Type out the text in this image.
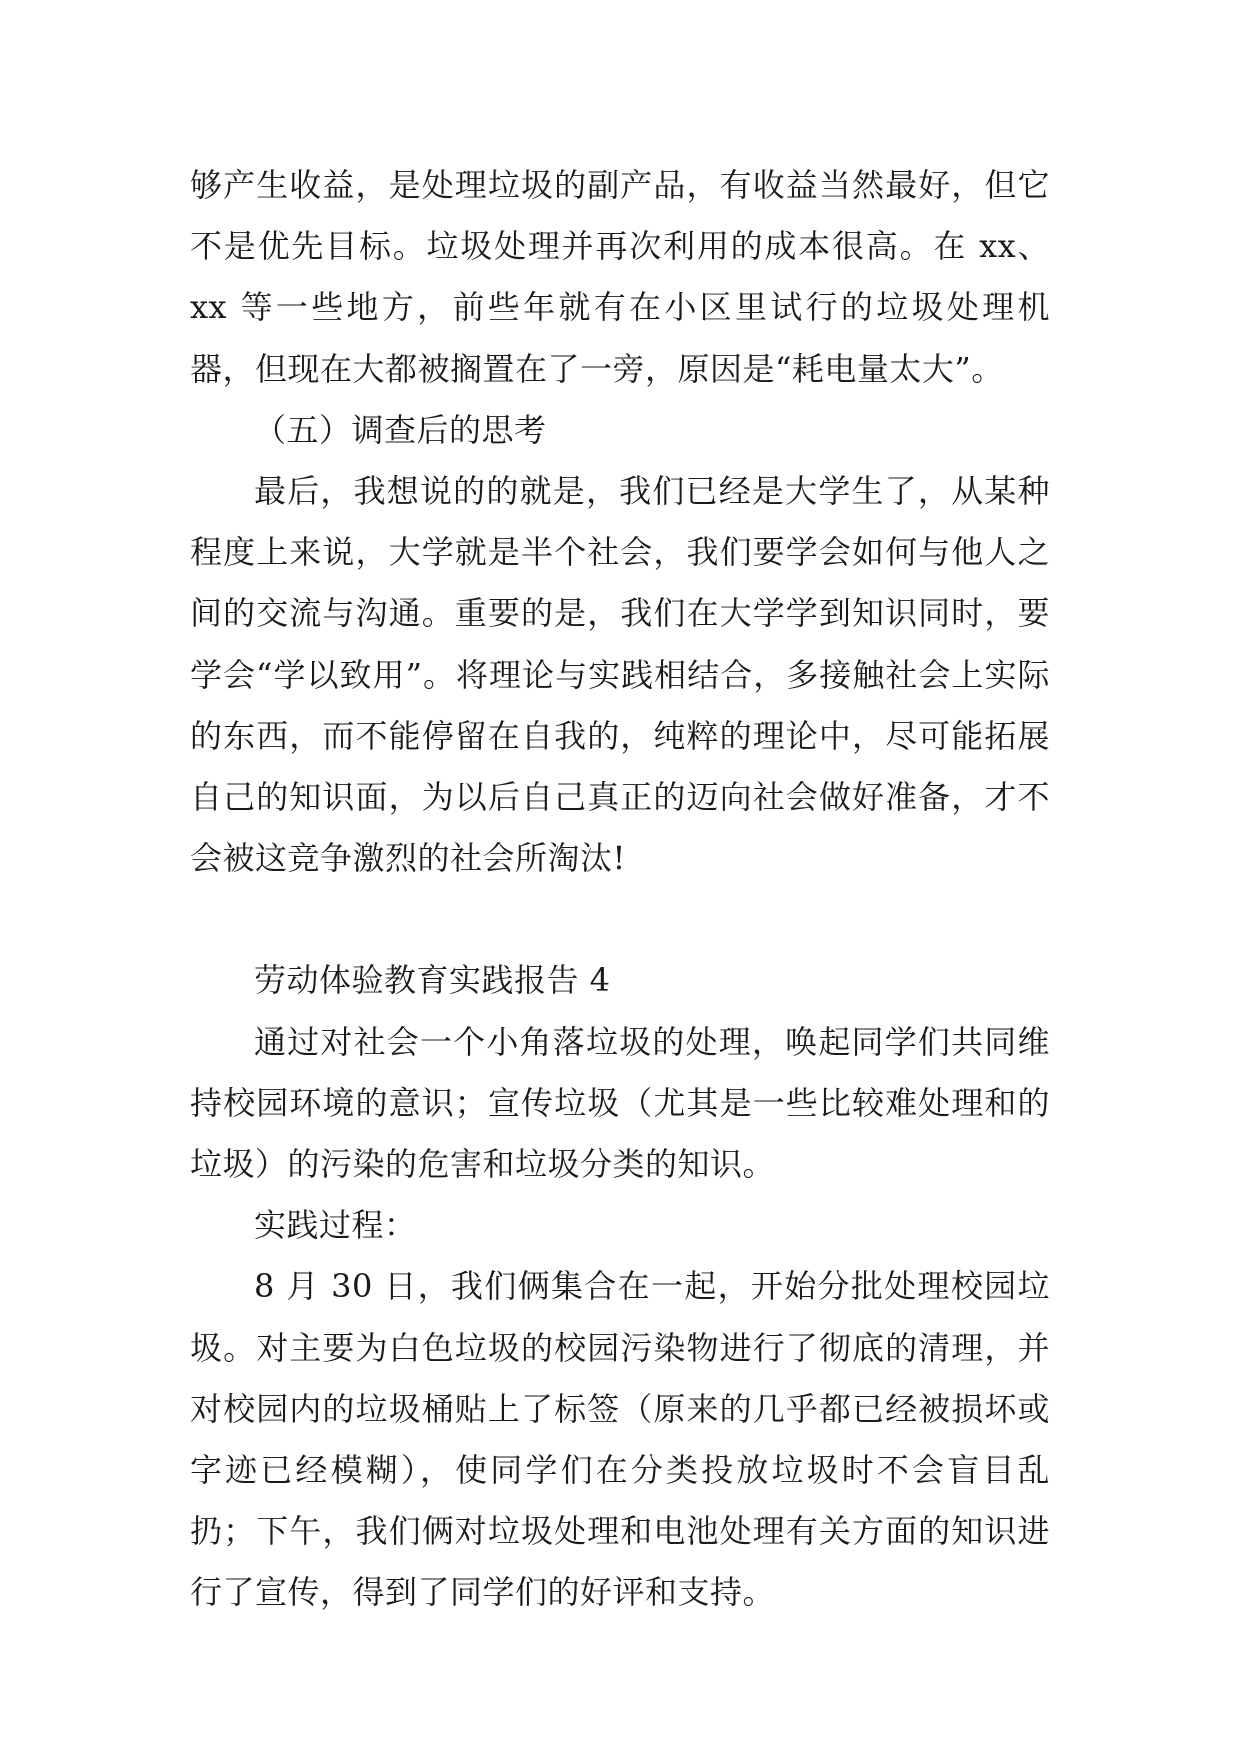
够产生收益，是处理垃圾的副产品，有收益当然最好，但它不是优先目标。垃圾处理并再次利用的成本很高。在 xx、xx 等一些地方，前些年就有在小区里试行的垃圾处理机器，但现在大都被搁置在了一旁，原因是“耗电量太大”。

（五）调查后的思考

最后，我想说的的就是，我们已经是大学生了，从某种程度上来说，大学就是半个社会，我们要学会如何与他人之间的交流与沟通。重要的是，我们在大学学到知识同时，要学会“学以致用”。将理论与实践相结合，多接触社会上实际的东西，而不能停留在自我的，纯粹的理论中，尽可能拓展自己的知识面，为以后自己真正的迈向社会做好准备，才不会被这竞争激烈的社会所淘汰!

劳动体验教育实践报告 4

通过对社会一个小角落垃圾的处理，唤起同学们共同维持校园环境的意识；宣传垃圾（尤其是一些比较难处理和的垃圾）的污染的危害和垃圾分类的知识。

实践过程：

8 月 30 日，我们俩集合在一起，开始分批处理校园垃圾。对主要为白色垃圾的校园污染物进行了彻底的清理，并对校园内的垃圾桶贴上了标签（原来的几乎都已经被损坏或字迹已经模糊），使同学们在分类投放垃圾时不会盲目乱扔；下午，我们俩对垃圾处理和电池处理有关方面的知识进行了宣传，得到了同学们的好评和支持。
